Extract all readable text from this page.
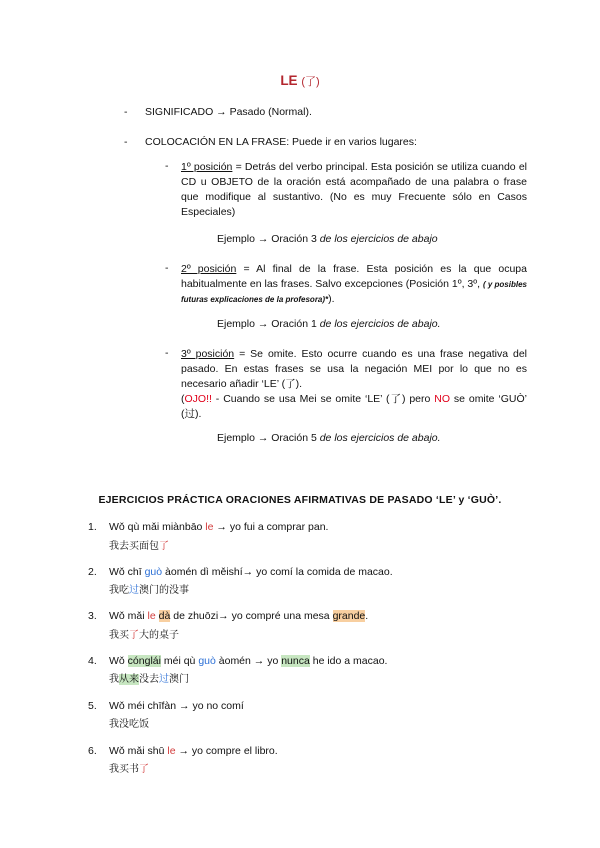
LE (了)
- SIGNIFICADO → Pasado (Normal).
- COLOCACIÓN EN LA FRASE: Puede ir en varios lugares:
- 1º posición = Detrás del verbo principal. Esta posición se utiliza cuando el CD u OBJETO de la oración está acompañado de una palabra o frase que modifique al sustantivo. (No es muy Frecuente sólo en Casos Especiales)
Ejemplo → Oración 3 de los ejercicios de abajo
- 2º posición = Al final de la frase. Esta posición es la que ocupa habitualmente en las frases. Salvo excepciones (Posición 1º, 3º, ( y posibles futuras explicaciones de la profesora)*).
Ejemplo → Oración 1 de los ejercicios de abajo.
- 3º posición = Se omite. Esto ocurre cuando es una frase negativa del pasado. En estas frases se usa la negación MEI por lo que no es necesario añadir ‘LE’ (了).
(OJO!! - Cuando se usa Mei se omite ‘LE’ (了) pero NO se omite ‘GUÒ’ (过).
Ejemplo → Oración 5 de los ejercicios de abajo.
EJERCICIOS PRÁCTICA ORACIONES AFIRMATIVAS DE PASADO ‘LE’ y ‘GUÒ’.
1. Wǒ qù mǎi miànbāo le → yo fui a comprar pan.
我去买面包了
2. Wǒ chī guò àomén dì měishí→ yo comí la comida de macao.
我吃过澳门的没事
3. Wǒ mǎi le dà de zhuōzi→ yo compré una mesa grande.
我买了大的桌子
4. Wǒ cónglái méi qù guò àomén → yo nunca he ido a macao.
我从来没去过澳门
5. Wǒ méi chīfàn → yo no comí
我没吃饭
6. Wǒ mǎi shū le → yo compre el libro.
我买书了
